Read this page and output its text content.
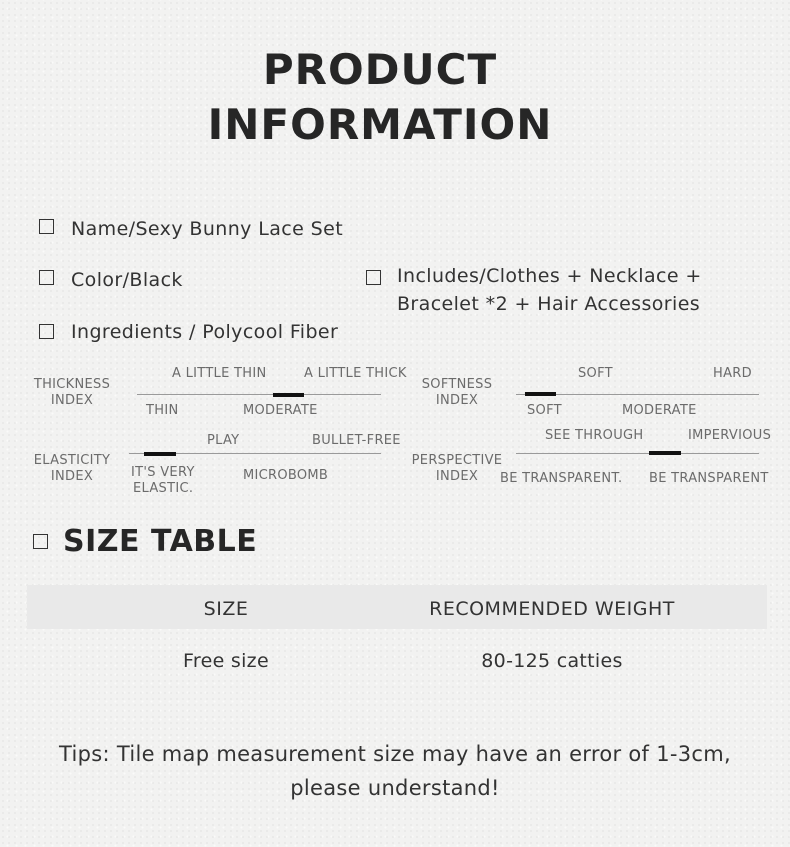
PRODUCT
INFORMATION
Name/Sexy Bunny Lace Set
Color/Black	Includes/Clothes + Necklace +
Bracelet *2 + Hair Accessories
Ingredients / Polycool Fiber
THICKNESS
INDEX
A LITTLE THIN	A LITTLE THICK
THIN	MODERATE
SOFTNESS
INDEX
SOFT	HARD
SOFT	MODERATE
ELASTICITY
INDEX
PLAY	BULLET-FREE
IT'S VERY
ELASTIC.
MICROBOMB
PERSPECTIVE
INDEX
SEE THROUGH	IMPERVIOUS
BE TRANSPARENT. BE TRANSPARENT
SIZE TABLE
SIZE	RECOMMENDED WEIGHT
Free size	80-125 catties
Tips: Tile map measurement size may have an error of 1-3cm,
please understand!
